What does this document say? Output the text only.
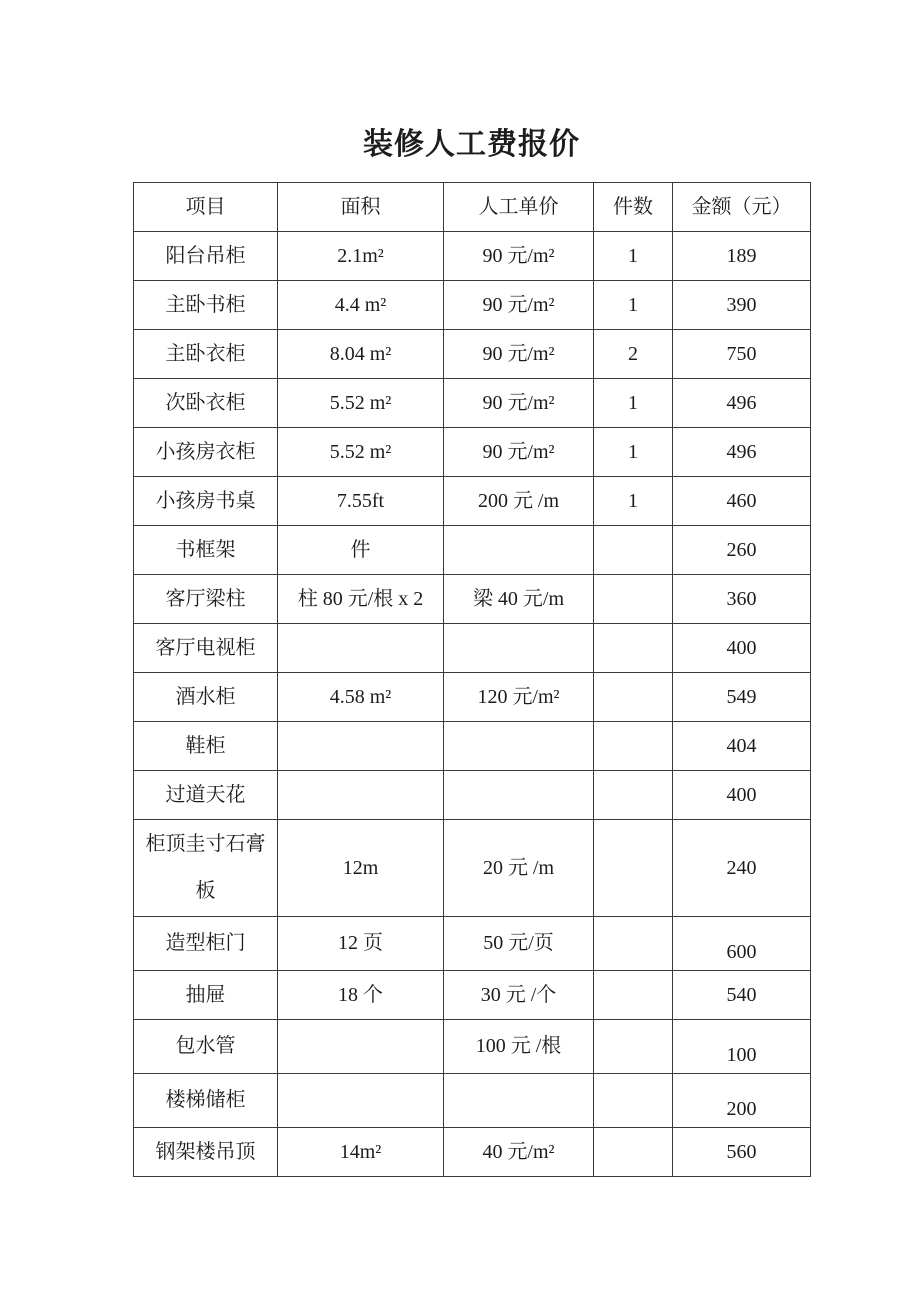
装修人工费报价
项目	面积	人工单价	件数	金额（元）
阳台吊柜	2.1m²	90 元/m²	1	189
主卧书柜	4.4 m²	90 元/m²	1	390
主卧衣柜	8.04 m²	90 元/m²	2	750
次卧衣柜	5.52 m²	90 元/m²	1	496
小孩房衣柜	5.52 m²	90 元/m²	1	496
小孩房书桌	7.55ft	200 元 /m	1	460
书框架	件			260
客厅梁柱	柱 80 元/根 x 2	梁 40 元/m		360
客厅电视柜				400
酒水柜	4.58 m²	120 元/m²		549
鞋柜				404
过道天花				400
柜顶圭寸石膏板	12m	20 元 /m		240
造型柜门	12 页	50 元/页		600
抽屉	18 个	30 元 /个		540
包水管		100 元 /根		100
楼梯储柜				200
钢架楼吊顶	14m²	40 元/m²		560
